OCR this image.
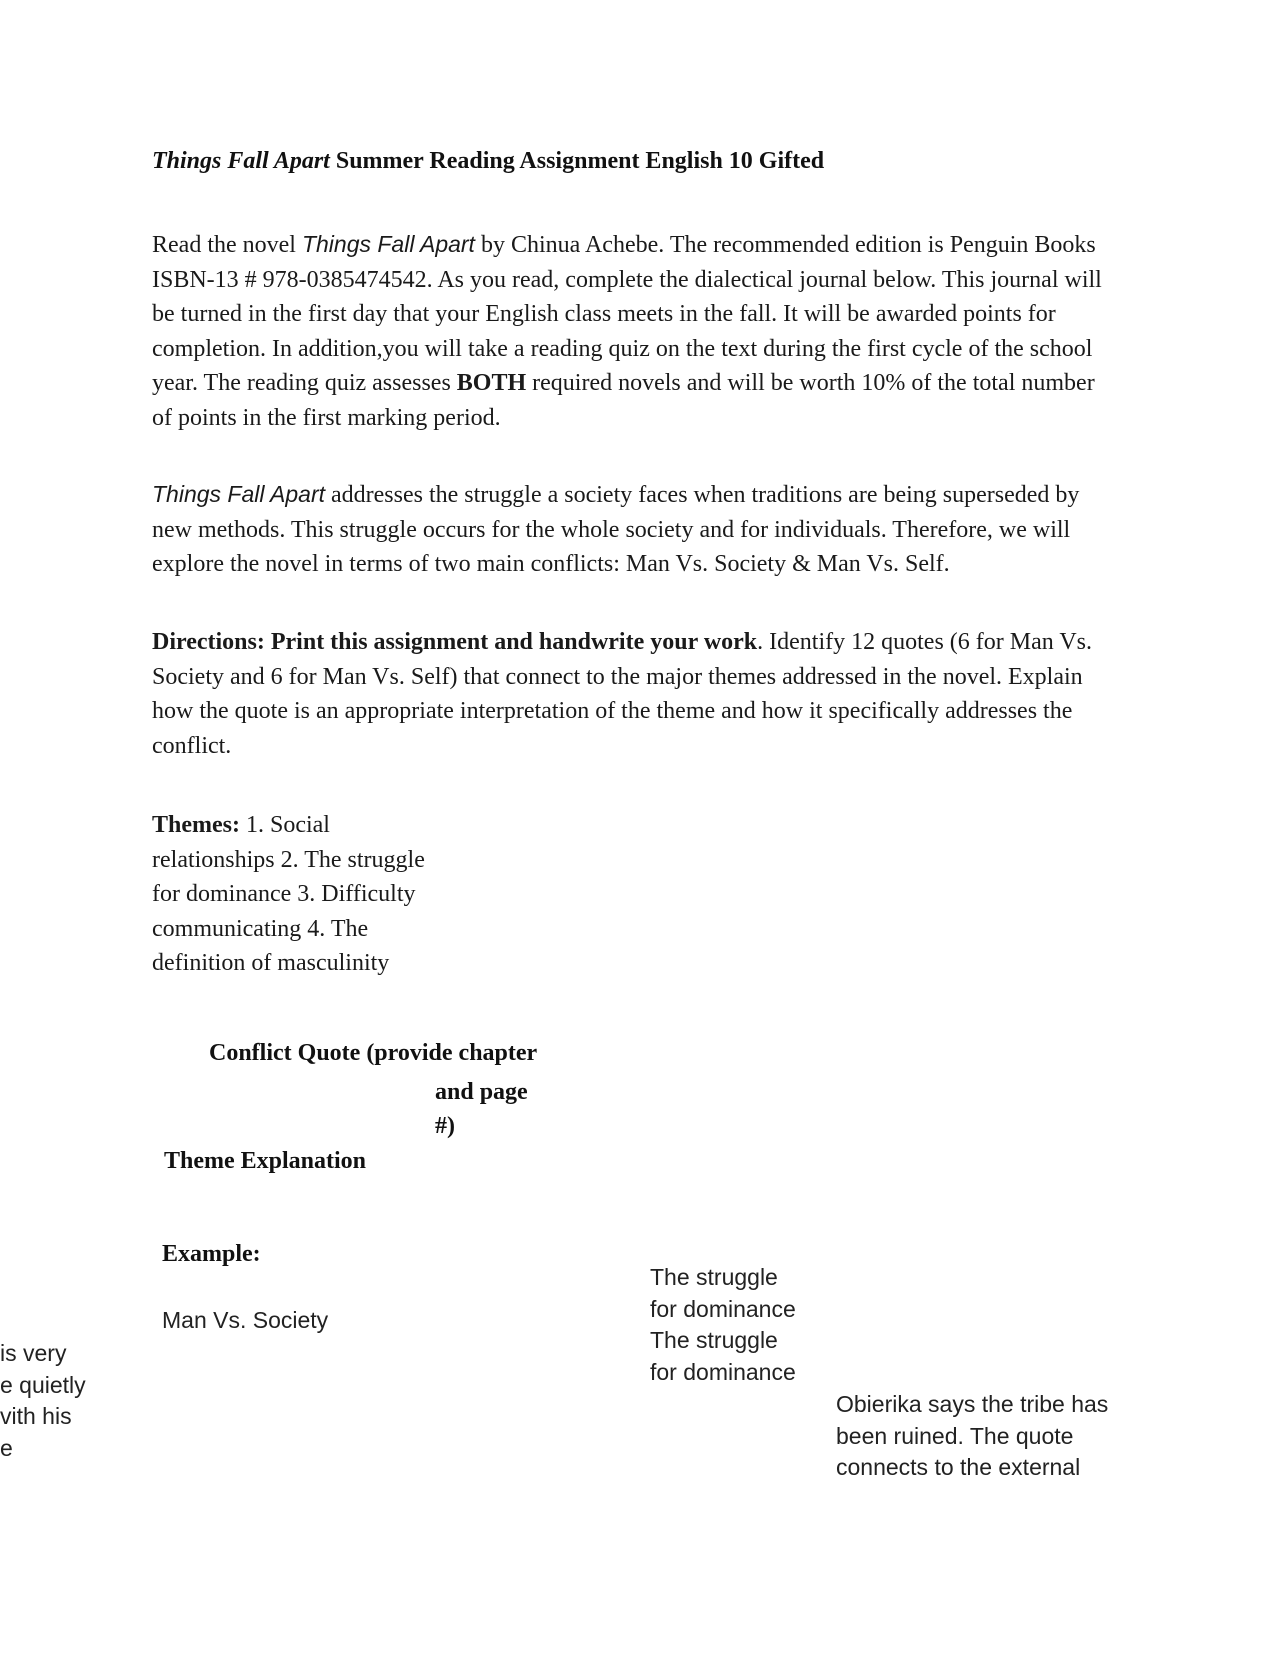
Things Fall Apart Summer Reading Assignment English 10 Gifted
Read the novel Things Fall Apart by Chinua Achebe. The recommended edition is Penguin Books ISBN-13 # 978-0385474542. As you read, complete the dialectical journal below. This journal will be turned in the first day that your English class meets in the fall. It will be awarded points for completion. In addition,you will take a reading quiz on the text during the first cycle of the school year. The reading quiz assesses BOTH required novels and will be worth 10% of the total number of points in the first marking period.
Things Fall Apart addresses the struggle a society faces when traditions are being superseded by new methods. This struggle occurs for the whole society and for individuals. Therefore, we will explore the novel in terms of two main conflicts: Man Vs. Society & Man Vs. Self.
Directions: Print this assignment and handwrite your work. Identify 12 quotes (6 for Man Vs. Society and 6 for Man Vs. Self) that connect to the major themes addressed in the novel. Explain how the quote is an appropriate interpretation of the theme and how it specifically addresses the conflict.
Themes: 1. Social relationships 2. The struggle for dominance 3. Difficulty communicating 4. The definition of masculinity
Conflict Quote (provide chapter
and page
#)
Theme Explanation
Example:
Man Vs. Society
The struggle for dominance
The struggle for dominance
Obierika says the tribe has been ruined. The quote connects to the external
is very
e quietly
vith his
e
